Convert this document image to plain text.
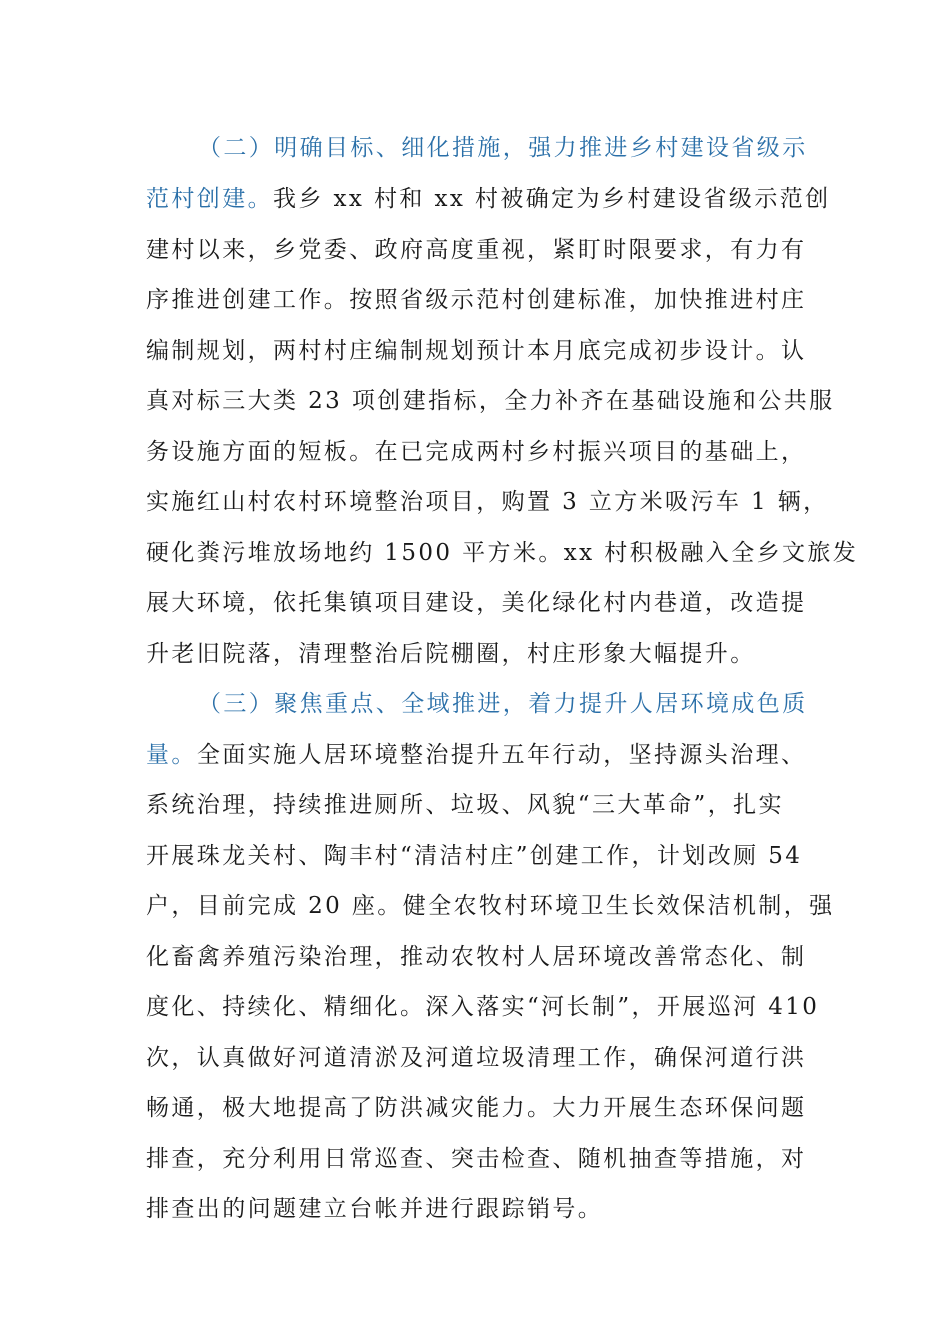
（二）明确目标、细化措施，强力推进乡村建设省级示
范村创建。我乡 xx 村和 xx 村被确定为乡村建设省级示范创
建村以来，乡党委、政府高度重视，紧盯时限要求，有力有
序推进创建工作。按照省级示范村创建标准，加快推进村庄
编制规划，两村村庄编制规划预计本月底完成初步设计。认
真对标三大类 23 项创建指标，全力补齐在基础设施和公共服
务设施方面的短板。在已完成两村乡村振兴项目的基础上，
实施红山村农村环境整治项目，购置 3 立方米吸污车 1 辆，
硬化粪污堆放场地约 1500 平方米。xx 村积极融入全乡文旅发
展大环境，依托集镇项目建设，美化绿化村内巷道，改造提
升老旧院落，清理整治后院棚圈，村庄形象大幅提升。
（三）聚焦重点、全域推进，着力提升人居环境成色质
量。全面实施人居环境整治提升五年行动，坚持源头治理、
系统治理，持续推进厕所、垃圾、风貌“三大革命”，扎实
开展珠龙关村、陶丰村“清洁村庄”创建工作，计划改厕 54
户，目前完成 20 座。健全农牧村环境卫生长效保洁机制，强
化畜禽养殖污染治理，推动农牧村人居环境改善常态化、制
度化、持续化、精细化。深入落实“河长制”，开展巡河 410
次，认真做好河道清淤及河道垃圾清理工作，确保河道行洪
畅通，极大地提高了防洪减灾能力。大力开展生态环保问题
排查，充分利用日常巡查、突击检查、随机抽查等措施，对
排查出的问题建立台帐并进行跟踪销号。
